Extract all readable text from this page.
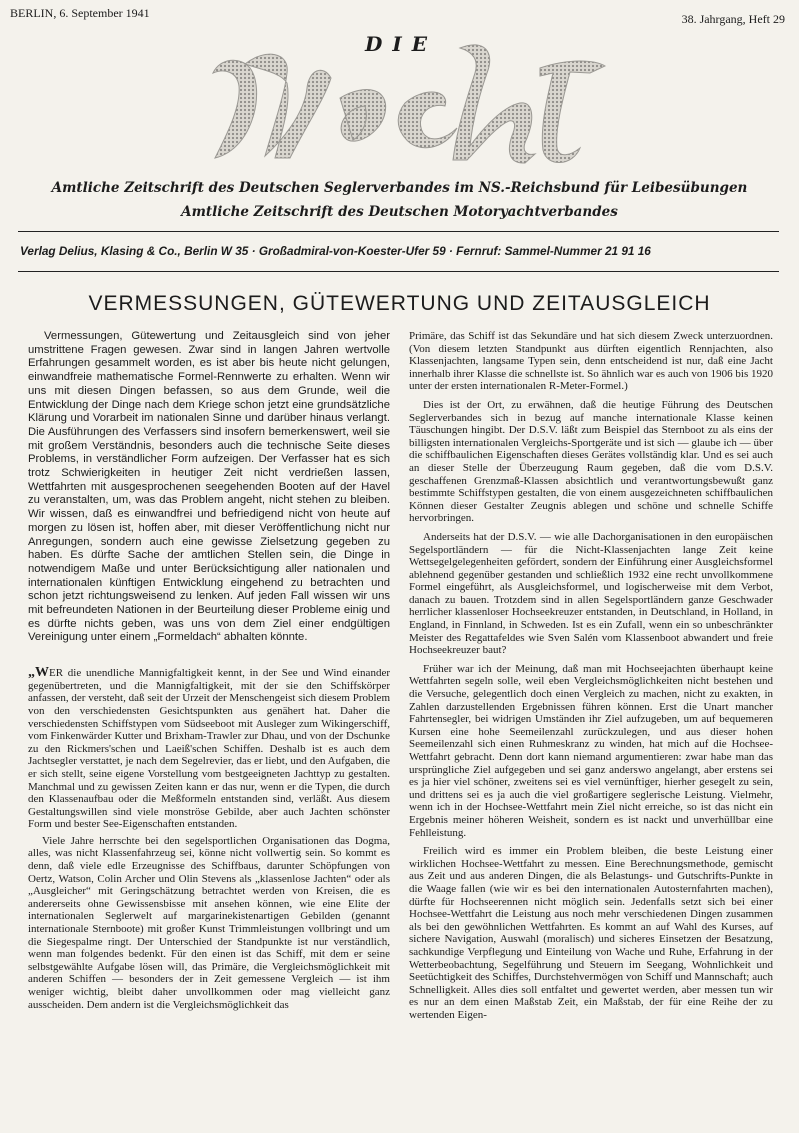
BERLIN, 6. September 1941	38. Jahrgang, Heft 29
DIE
Amtliche Zeitschrift des Deutschen Seglerverbandes im NS.-Reichsbund für Leibesübungen
Amtliche Zeitschrift des Deutschen Motoryachtverbandes
Verlag Delius, Klasing & Co., Berlin W 35 · Großadmiral-von-Koester-Ufer 59 · Fernruf: Sammel-Nummer 21 91 16
VERMESSUNGEN, GÜTEWERTUNG UND ZEITAUSGLEICH

Vermessungen, Gütewertung und Zeitausgleich sind von jeher umstrittene Fragen gewesen. Zwar sind in langen Jahren wertvolle Erfahrungen gesammelt worden, es ist aber bis heute nicht gelungen, einwandfreie mathematische Formel-Rennwerte zu erhalten. Wenn wir uns mit diesen Dingen befassen, so aus dem Grunde, weil die Entwicklung der Dinge nach dem Kriege schon jetzt eine grundsätzliche Klärung und Vorarbeit im nationalen Sinne und darüber hinaus verlangt. Die Ausführungen des Verfassers sind insofern bemerkenswert, weil sie mit großem Verständnis, besonders auch die technische Seite dieses Problems, in verständlicher Form aufzeigen. Der Verfasser hat es sich trotz Schwierigkeiten in heutiger Zeit nicht verdrießen lassen, Wettfahrten mit ausgesprochenen seegehenden Booten auf der Havel zu veranstalten, um, was das Problem angeht, nicht stehen zu bleiben. Wir wissen, daß es einwandfrei und befriedigend nicht von heute auf morgen zu lösen ist, hoffen aber, mit dieser Veröffentlichung nicht nur Anregungen, sondern auch eine gewisse Zielsetzung gegeben zu haben. Es dürfte Sache der amtlichen Stellen sein, die Dinge in notwendigem Maße und unter Berücksichtigung aller nationalen und internationalen künftigen Entwicklung eingehend zu betrachten und schon jetzt richtungsweisend zu lenken. Auf jeden Fall wissen wir uns mit befreundeten Nationen in der Beurteilung dieser Probleme einig und es dürfte nichts geben, was uns von dem Ziel einer endgültigen Vereinigung unter einem „Formeldach“ abhalten könnte.

„WER die unendliche Mannigfaltigkeit kennt, in der See und Wind einander gegenübertreten, und die Mannigfaltigkeit, mit der sie den Schiffskörper anfassen, der versteht, daß seit der Urzeit der Menschengeist sich diesem Problem von den verschiedensten Gesichtspunkten aus genähert hat. Daher die verschiedensten Schiffstypen vom Südseeboot mit Ausleger zum Wikingerschiff, vom Finkenwärder Kutter und Brixham-Trawler zur Dhau, und von der Dschunke zu den Rickmers'schen und Laeiß'schen Schiffen. Deshalb ist es auch dem Jachtsegler verstattet, je nach dem Segelrevier, das er liebt, und den Aufgaben, die er sich stellt, seine eigene Vorstellung vom bestgeeigneten Jachttyp zu gestalten. Manchmal und zu gewissen Zeiten kann er das nur, wenn er die Typen, die durch den Klassenaufbau oder die Meßformeln entstanden sind, verläßt. Aus diesem Gestaltungswillen sind viele monströse Gebilde, aber auch Jachten schönster Form und bester See-Eigenschaften entstanden.

Viele Jahre herrschte bei den segelsportlichen Organisationen das Dogma, alles, was nicht Klassenfahrzeug sei, könne nicht vollwertig sein. So kommt es denn, daß viele edle Erzeugnisse des Schiffbaus, darunter Schöpfungen von Oertz, Watson, Colin Archer und Olin Stevens als „klassenlose Jachten“ oder als „Ausgleicher“ mit Geringschätzung betrachtet werden von Kreisen, die es andererseits ohne Gewissensbisse mit ansehen können, wie eine Elite der internationalen Seglerwelt auf margarinekistenartigen Gebilden (genannt internationale Sternboote) mit großer Kunst Trimmleistungen vollbringt und um die Siegespalme ringt. Der Unterschied der Standpunkte ist nur verständlich, wenn man folgendes bedenkt. Für den einen ist das Schiff, mit dem er seine selbstgewählte Aufgabe lösen will, das Primäre, die Vergleichsmöglichkeit mit anderen Schiffen — besonders der in Zeit gemessene Vergleich — ist ihm weniger wichtig, bleibt daher unvollkommen oder mag vielleicht ganz ausscheiden. Dem andern ist die Vergleichsmöglichkeit das

Primäre, das Schiff ist das Sekundäre und hat sich diesem Zweck unterzuordnen. (Von diesem letzten Standpunkt aus dürften eigentlich Rennjachten, also Klassenjachten, langsame Typen sein, denn entscheidend ist nur, daß eine Jacht innerhalb ihrer Klasse die schnellste ist. So ähnlich war es auch von 1906 bis 1920 unter der ersten internationalen R-Meter-Formel.)

Dies ist der Ort, zu erwähnen, daß die heutige Führung des Deutschen Seglerverbandes sich in bezug auf manche internationale Klasse keinen Täuschungen hingibt. Der D.S.V. läßt zum Beispiel das Sternboot zu als eins der billigsten internationalen Vergleichs-Sportgeräte und ist sich — glaube ich — über die schiffbaulichen Eigenschaften dieses Gerätes vollständig klar. Und es sei auch an dieser Stelle der Überzeugung Raum gegeben, daß die vom D.S.V. geschaffenen Grenzmaß-Klassen absichtlich und verantwortungsbewußt ganz bestimmte Schiffstypen gestalten, die von einem ausgezeichneten schiffbaulichen Können dieser Gestalter Zeugnis ablegen und schöne und schnelle Schiffe hervorbringen.

Anderseits hat der D.S.V. — wie alle Dachorganisationen in den europäischen Segelsportländern — für die Nicht-Klassenjachten lange Zeit keine Wettsegelgelegenheiten gefördert, sondern der Einführung einer Ausgleichsformel ablehnend gegenüber gestanden und schließlich 1932 eine recht unvollkommene Formel eingeführt, als Ausgleichsformel, und logischerweise mit dem Verbot, danach zu bauen. Trotzdem sind in allen Segelsportländern ganze Geschwader herrlicher klassenloser Hochseekreuzer entstanden, in Deutschland, in Holland, in England, in Finnland, in Schweden. Ist es ein Zufall, wenn ein so unbeschränkter Meister des Regattafeldes wie Sven Salén vom Klassenboot abwandert und freie Hochseekreuzer baut?

Früher war ich der Meinung, daß man mit Hochseejachten überhaupt keine Wettfahrten segeln solle, weil eben Vergleichsmöglichkeiten nicht bestehen und die Versuche, gelegentlich doch einen Vergleich zu machen, nicht zu exakten, in Zahlen darzustellenden Ergebnissen führen können. Erst die Unart mancher Fahrtensegler, bei widrigen Umständen ihr Ziel aufzugeben, um auf bequemeren Kursen eine hohe Seemeilenzahl zurückzulegen, und aus dieser hohen Seemeilenzahl sich einen Ruhmeskranz zu winden, hat mich auf die Hochsee-Wettfahrt gebracht. Denn dort kann niemand argumentieren: zwar habe man das ursprüngliche Ziel aufgegeben und sei ganz anderswo angelangt, aber erstens sei es ja hier viel schöner, zweitens sei es viel vernünftiger, hierher gesegelt zu sein, und drittens sei es ja auch die viel großartigere seglerische Leistung. Vielmehr, wenn ich in der Hochsee-Wettfahrt mein Ziel nicht erreiche, so ist das nicht ein Ergebnis meiner höheren Weisheit, sondern es ist nackt und unverhüllbar eine Fehlleistung.

Freilich wird es immer ein Problem bleiben, die beste Leistung einer wirklichen Hochsee-Wettfahrt zu messen. Eine Berechnungsmethode, gemischt aus Zeit und aus anderen Dingen, die als Belastungs- und Gutschrifts-Punkte in die Waage fallen (wie wir es bei den internationalen Autosternfahrten machen), dürfte für Hochseerennen nicht möglich sein. Jedenfalls setzt sich bei einer Hochsee-Wettfahrt die Leistung aus noch mehr verschiedenen Dingen zusammen als bei den gewöhnlichen Wettfahrten. Es kommt an auf Wahl des Kurses, auf sichere Navigation, Auswahl (moralisch) und sicheres Einsetzen der Besatzung, sachkundige Verpflegung und Einteilung von Wache und Ruhe, Erfahrung in der Wetterbeobachtung, Segelführung und Steuern im Seegang, Wohnlichkeit und Seetüchtigkeit des Schiffes, Durchstehvermögen von Schiff und Mannschaft; auch Schnelligkeit. Alles dies soll entfaltet und gewertet werden, aber messen tun wir es nur an dem einen Maßstab Zeit, ein Maßstab, der für eine Reihe der zu wertenden Eigen-
